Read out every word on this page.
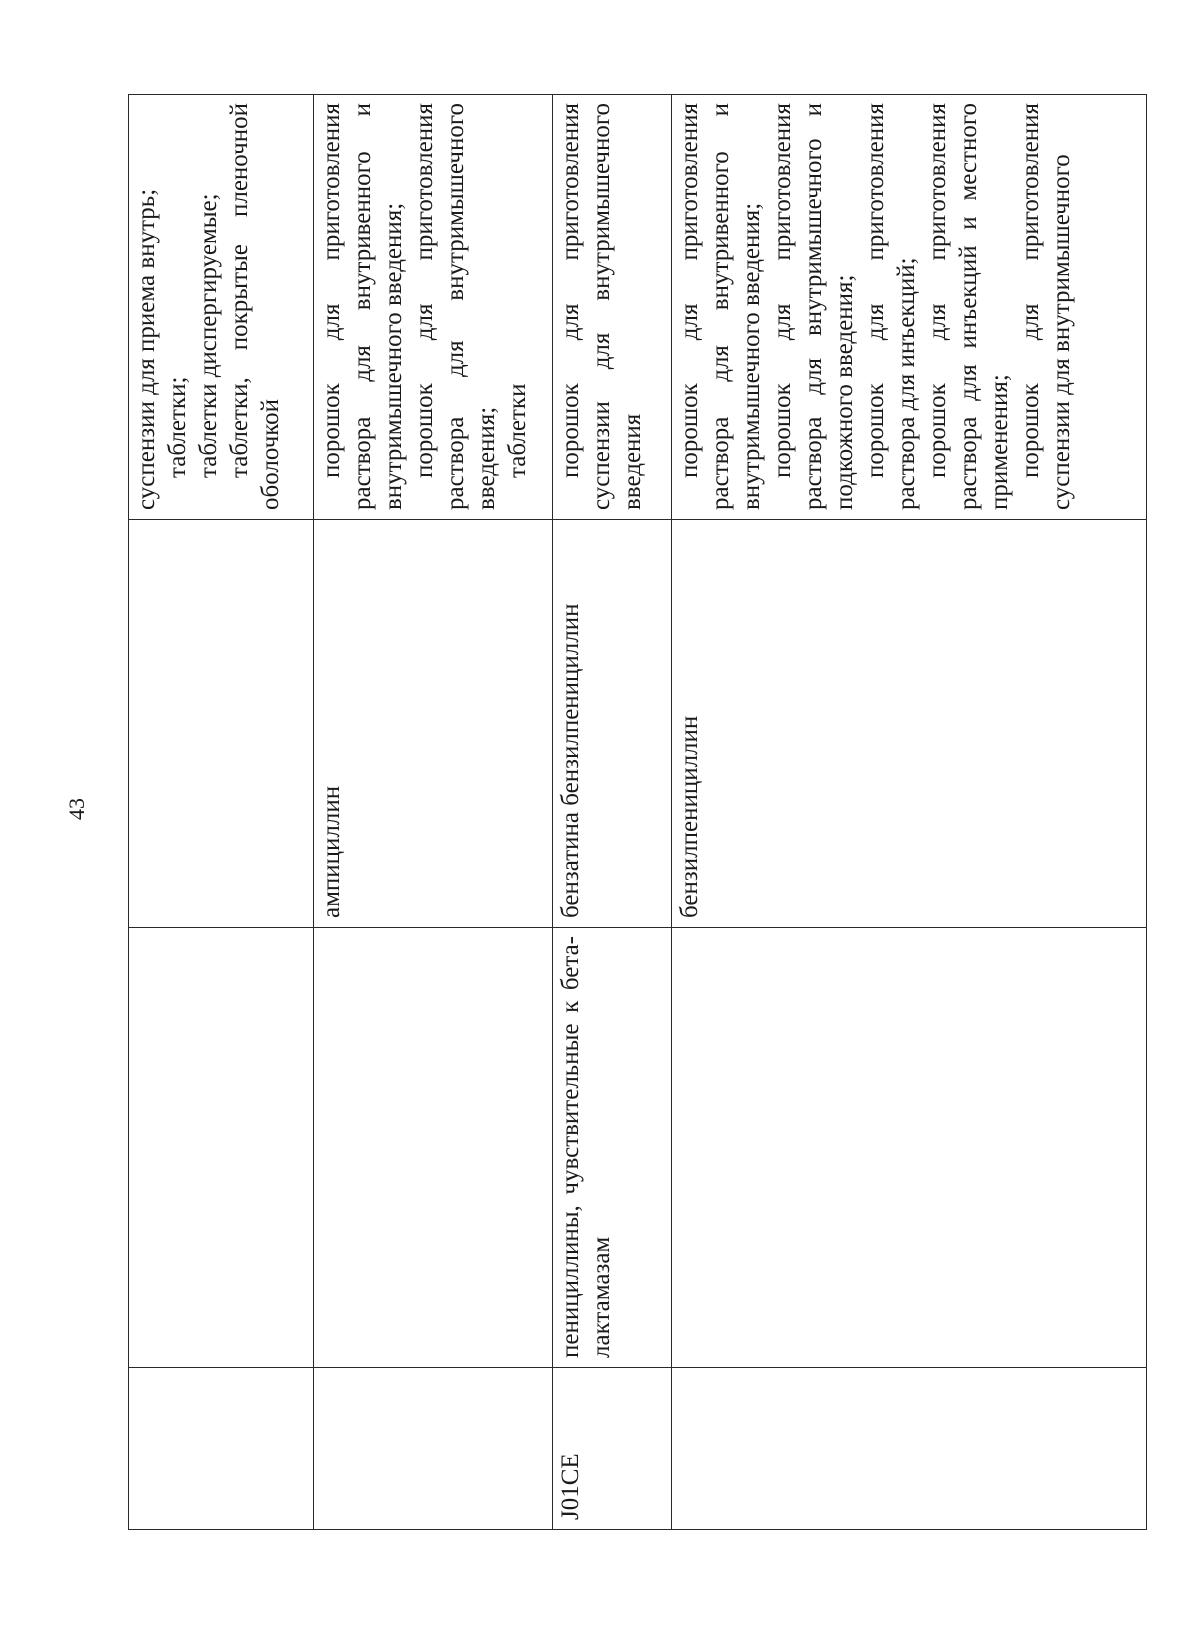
43

			суспензии для приема внутрь; таблетки; таблетки диспергируемые; таблетки, покрытые пленочной оболочкой

		ампициллин	порошок для приготовления раствора для внутривенного и внутримышечного введения; порошок для приготовления раствора для внутримышечного введения; таблетки

J01CE	пенициллины, чувствительные к бета-лактамазам	бензатина бензилпенициллин	порошок для приготовления суспензии для внутримышечного введения

		бензилпенициллин	порошок для приготовления раствора для внутривенного и внутримышечного введения; порошок для приготовления раствора для внутримышечного и подкожного введения; порошок для приготовления раствора для инъекций; порошок для приготовления раствора для инъекций и местного применения; порошок для приготовления суспензии для внутримышечного
